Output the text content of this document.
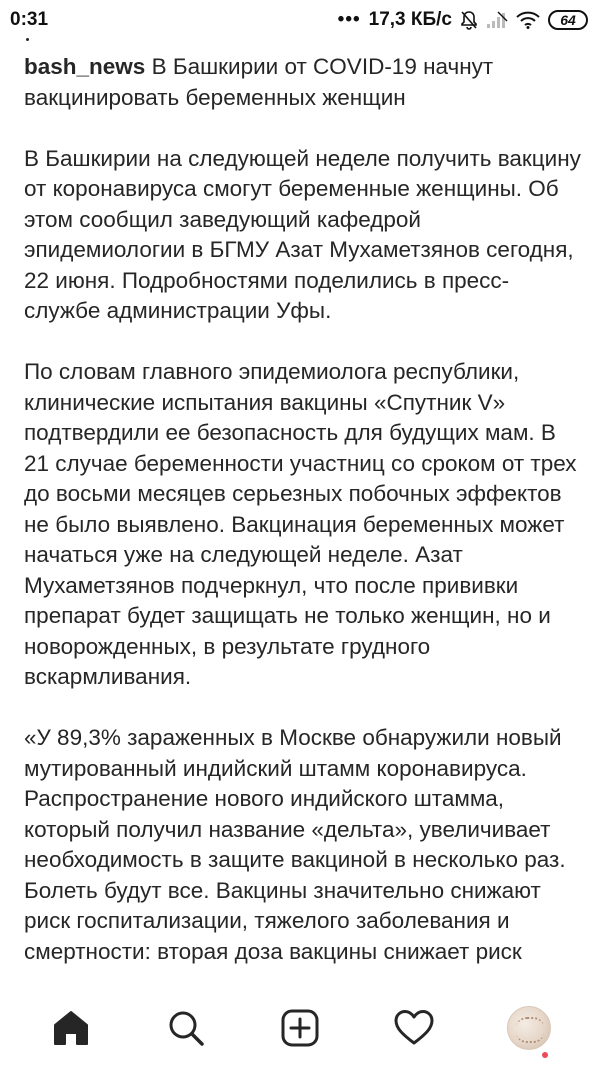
0:31	••• 17,3 КБ/с	64

bash_news В Башкирии от COVID-19 начнут вакцинировать беременных женщин

В Башкирии на следующей неделе получить вакцину от коронавируса смогут беременные женщины. Об этом сообщил заведующий кафедрой эпидемиологии в БГМУ Азат Мухаметзянов сегодня, 22 июня. Подробностями поделились в пресс-службе администрации Уфы.

По словам главного эпидемиолога республики, клинические испытания вакцины «Спутник V» подтвердили ее безопасность для будущих мам. В 21 случае беременности участниц со сроком от трех до восьми месяцев серьезных побочных эффектов не было выявлено. Вакцинация беременных может начаться уже на следующей неделе. Азат Мухаметзянов подчеркнул, что после прививки препарат будет защищать не только женщин, но и новорожденных, в результате грудного вскармливания.

«У 89,3% зараженных в Москве обнаружили новый мутированный индийский штамм коронавируса. Распространение нового индийского штамма, который получил название «дельта», увеличивает необходимость в защите вакциной в несколько раз. Болеть будут все. Вакцины значительно снижают риск госпитализации, тяжелого заболевания и смертности: вторая доза вакцины снижает риск
